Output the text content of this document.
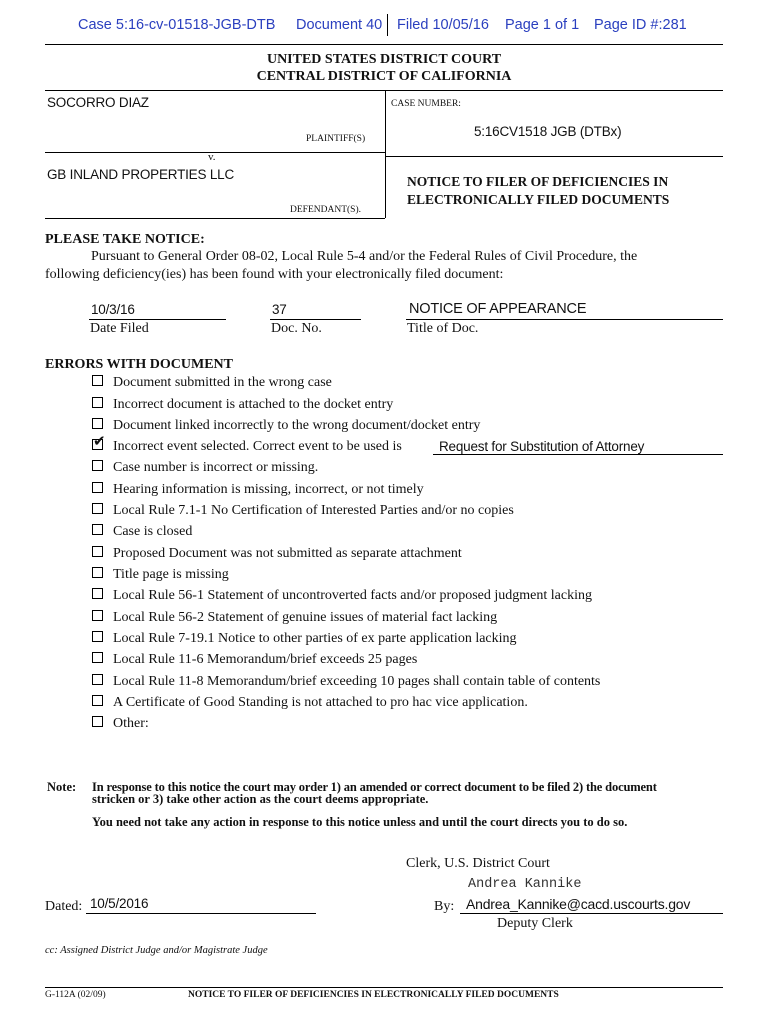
Case 5:16-cv-01518-JGB-DTB Document 40 Filed 10/05/16 Page 1 of 1 Page ID #:281
UNITED STATES DISTRICT COURT
CENTRAL DISTRICT OF CALIFORNIA
SOCORRO DIAZ
PLAINTIFF(S)
v.
GB INLAND PROPERTIES LLC
DEFENDANT(S).
CASE NUMBER:
5:16CV1518 JGB (DTBx)
NOTICE TO FILER OF DEFICIENCIES IN
ELECTRONICALLY FILED DOCUMENTS
PLEASE TAKE NOTICE:
Pursuant to General Order 08-02, Local Rule 5-4 and/or the Federal Rules of Civil Procedure, the
following deficiency(ies) has been found with your electronically filed document:
10/3/16
Date Filed
37
Doc. No.
NOTICE OF APPEARANCE
Title of Doc.
ERRORS WITH DOCUMENT
Document submitted in the wrong case
Incorrect document is attached to the docket entry
Document linked incorrectly to the wrong document/docket entry
✔ Incorrect event selected. Correct event to be used is	Request for Substitution of Attorney
Case number is incorrect or missing.
Hearing information is missing, incorrect, or not timely
Local Rule 7.1-1 No Certification of Interested Parties and/or no copies
Case is closed
Proposed Document was not submitted as separate attachment
Title page is missing
Local Rule 56-1 Statement of uncontroverted facts and/or proposed judgment lacking
Local Rule 56-2 Statement of genuine issues of material fact lacking
Local Rule 7-19.1 Notice to other parties of ex parte application lacking
Local Rule 11-6 Memorandum/brief exceeds 25 pages
Local Rule 11-8 Memorandum/brief exceeding 10 pages shall contain table of contents
A Certificate of Good Standing is not attached to pro hac vice application.
Other:
Note: In response to this notice the court may order 1) an amended or correct document to be filed 2) the document
stricken or 3) take other action as the court deems appropriate.
You need not take any action in response to this notice unless and until the court directs you to do so.
Clerk, U.S. District Court
Andrea Kannike
Dated: 10/5/2016	By: Andrea_Kannike@cacd.uscourts.gov
Deputy Clerk
cc: Assigned District Judge and/or Magistrate Judge
G-112A (02/09)	NOTICE TO FILER OF DEFICIENCIES IN ELECTRONICALLY FILED DOCUMENTS
